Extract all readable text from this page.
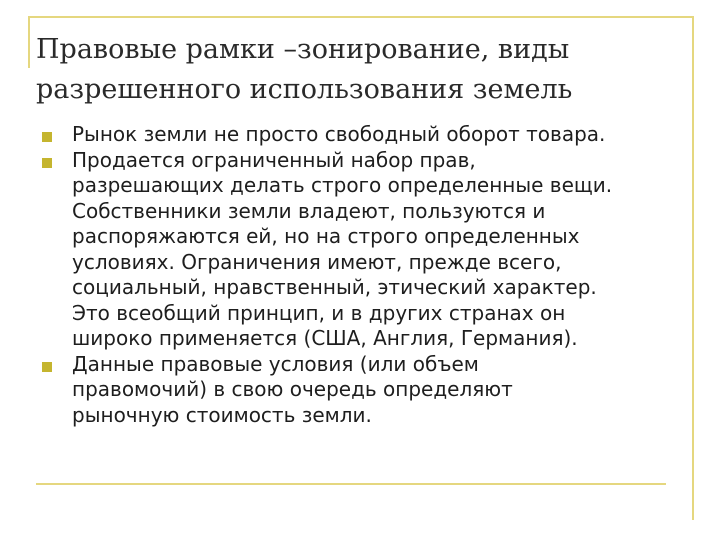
Правовые рамки –зонирование, виды
разрешенного использования земель
Рынок земли не просто свободный оборот товара.
Продается ограниченный набор прав,
разрешающих делать строго определенные вещи.
Собственники земли владеют, пользуются и
распоряжаются ей, но на строго определенных
условиях. Ограничения имеют, прежде всего,
социальный, нравственный, этический характер.
Это всеобщий принцип, и в других странах он
широко применяется (США, Англия, Германия).
Данные правовые условия (или объем
правомочий) в свою очередь определяют
рыночную стоимость земли.
